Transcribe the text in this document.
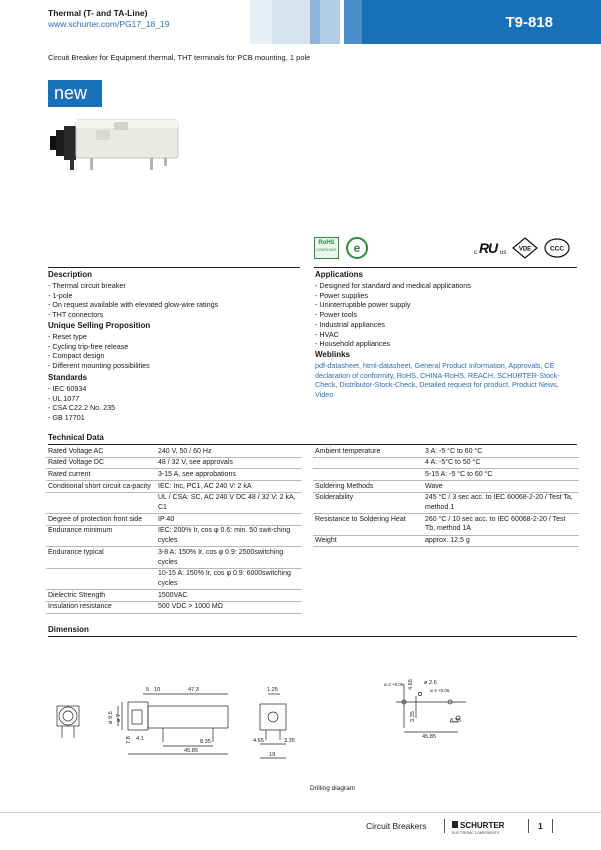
Thermal (T- and TA-Line)
www.schurter.com/PG17_18_19	T9-818
Circuit Breaker for Equipment thermal, THT terminals for PCB mounting, 1 pole
new
RoHS
COMPLIANT e	c R
U us
VDE	CCC
Description
- Thermal circuit breaker
- 1-pole
- On request available with elevated glow-wire ratings
- THT connectors
Unique Selling Proposition
- Reset type
- Cycling trip-free release
- Compact design
- Different mounting possibilities
Standards
- IEC 60934
- UL 1077
- CSA C22.2 No. 235
- GB 17701
Applications
- Designed for standard and medical applications
- Power supplies
- Uninterruptible power supply
- Power tools
- Industrial appliances
- HVAC
- Household appliances
Weblinks
pdf-datasheet, html-datasheet, General Product Information, Approvals, CE declaration of conformity, RoHS, CHINA-RoHS, REACH, SCHURTER-Stock-Check, Distributor-Stock-Check, Detailed request for product, Product News, Video
Technical Data
Rated Voltage AC	240 V, 50 / 60 Hz
Rated Voltage DC	48 / 32 V, see approvals
Rated current	3-15 A, see approbations
Conditional short circuit ca-pacity	IEC: Inc, PC1, AC 240 V: 2 kA
	UL / CSA: SC, AC 240 V DC 48 / 32 V: 2 kA, C1
Degree of protection front side	IP 40
Endurance minimum	IEC: 200% Ir, cos φ 0.6: min. 50 swit-ching cycles
Endurance typical	3-8 A: 150% Ir, cos φ 0.9: 2500switching cycles
	10-15 A: 150% Ir, cos φ 0.9: 6000switching cycles
Dielectric Strength	1500VAC
Insulation resistance	500 VDC > 1000 MΩ
Ambient temperature	3 A: -5 °C to 60 °C
	4 A: -5°C to 50 °C
	5-15 A: -5 °C to 60 °C
Soldering Methods	Wave
Solderability	245 °C / 3 sec acc. to IEC 60068-2-20 / Test Ta, method 1
Resistance to Soldering Heat	260 °C / 10 sec acc. to IEC 60068-2-20 / Test Tb, method 1A
Weight	approx. 12.5 g
Dimension
5 10	47.3	1.25
ø 9.5 ø 7
7.8 4.1	8.35
45.85
4.65	3.35
19
ø 2 +0.05	ø 2.6
ø 3 +0.05
4.65
3.35	8.35
45.85
Drilling diagram
Circuit Breakers	SCHURTER
ELECTRONIC COMPONENTS
1
